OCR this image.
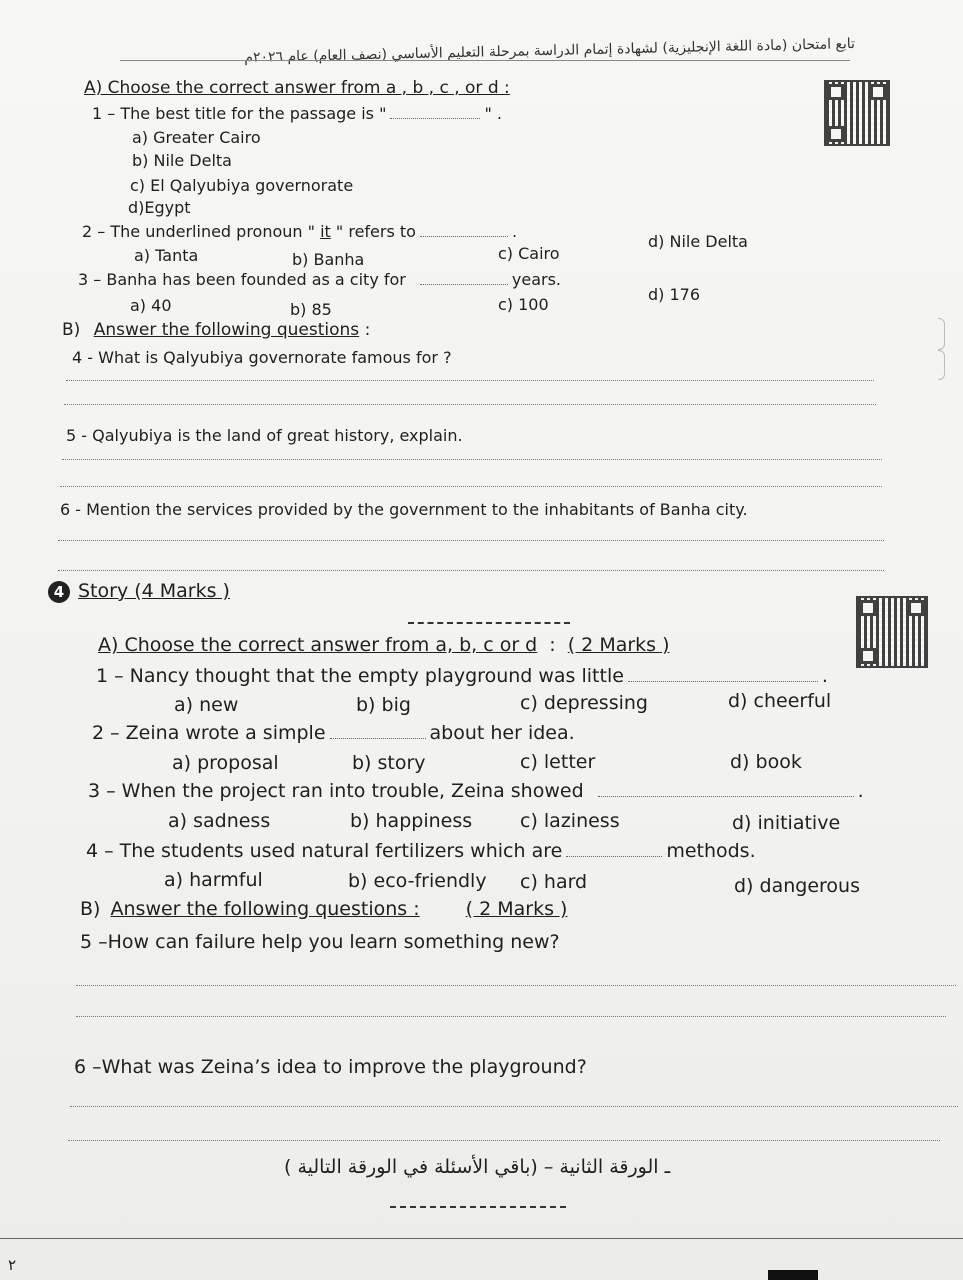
تابع امتحان (مادة اللغة الإنجليزية) لشهادة إتمام الدراسة بمرحلة التعليم الأساسي (نصف العام) عام ٢٠٢٦م
A) Choose the correct answer from a , b , c , or d :
1 – The best title for the passage is "	" .
a) Greater Cairo
b) Nile Delta
c) El Qalyubiya governorate
d)Egypt
2 – The underlined pronoun " it " refers to	.
a) Tanta	b) Banha	c) Cairo
d) Nile Delta
3 – Banha has been founded as a city for	years.
a) 40	b) 85	c) 100
d) 176
B) Answer the following questions :
4 - What is Qalyubiya governorate famous for ?
5 - Qalyubiya is the land of great history, explain.
6 - Mention the services provided by the government to the inhabitants of Banha city.
4 Story (4 Marks )
A) Choose the correct answer from a, b, c or d : ( 2 Marks )
1 – Nancy thought that the empty playground was little	.
a) new	b) big	c) depressing	d) cheerful
2 – Zeina wrote a simple	about her idea.
a) proposal	b) story	c) letter	d) book
3 – When the project ran into trouble, Zeina showed	.
a) sadness	b) happiness	c) laziness	d) initiative
4 – The students used natural fertilizers which are	methods.
a) harmful	b) eco-friendly c) hard	d) dangerous
B) Answer the following questions : ( 2 Marks )
5 –How can failure help you learn something new?
6 –What was Zeina’s idea to improve the playground?
ـ الورقة الثانية – (باقي الأسئلة في الورقة التالية )
٢
